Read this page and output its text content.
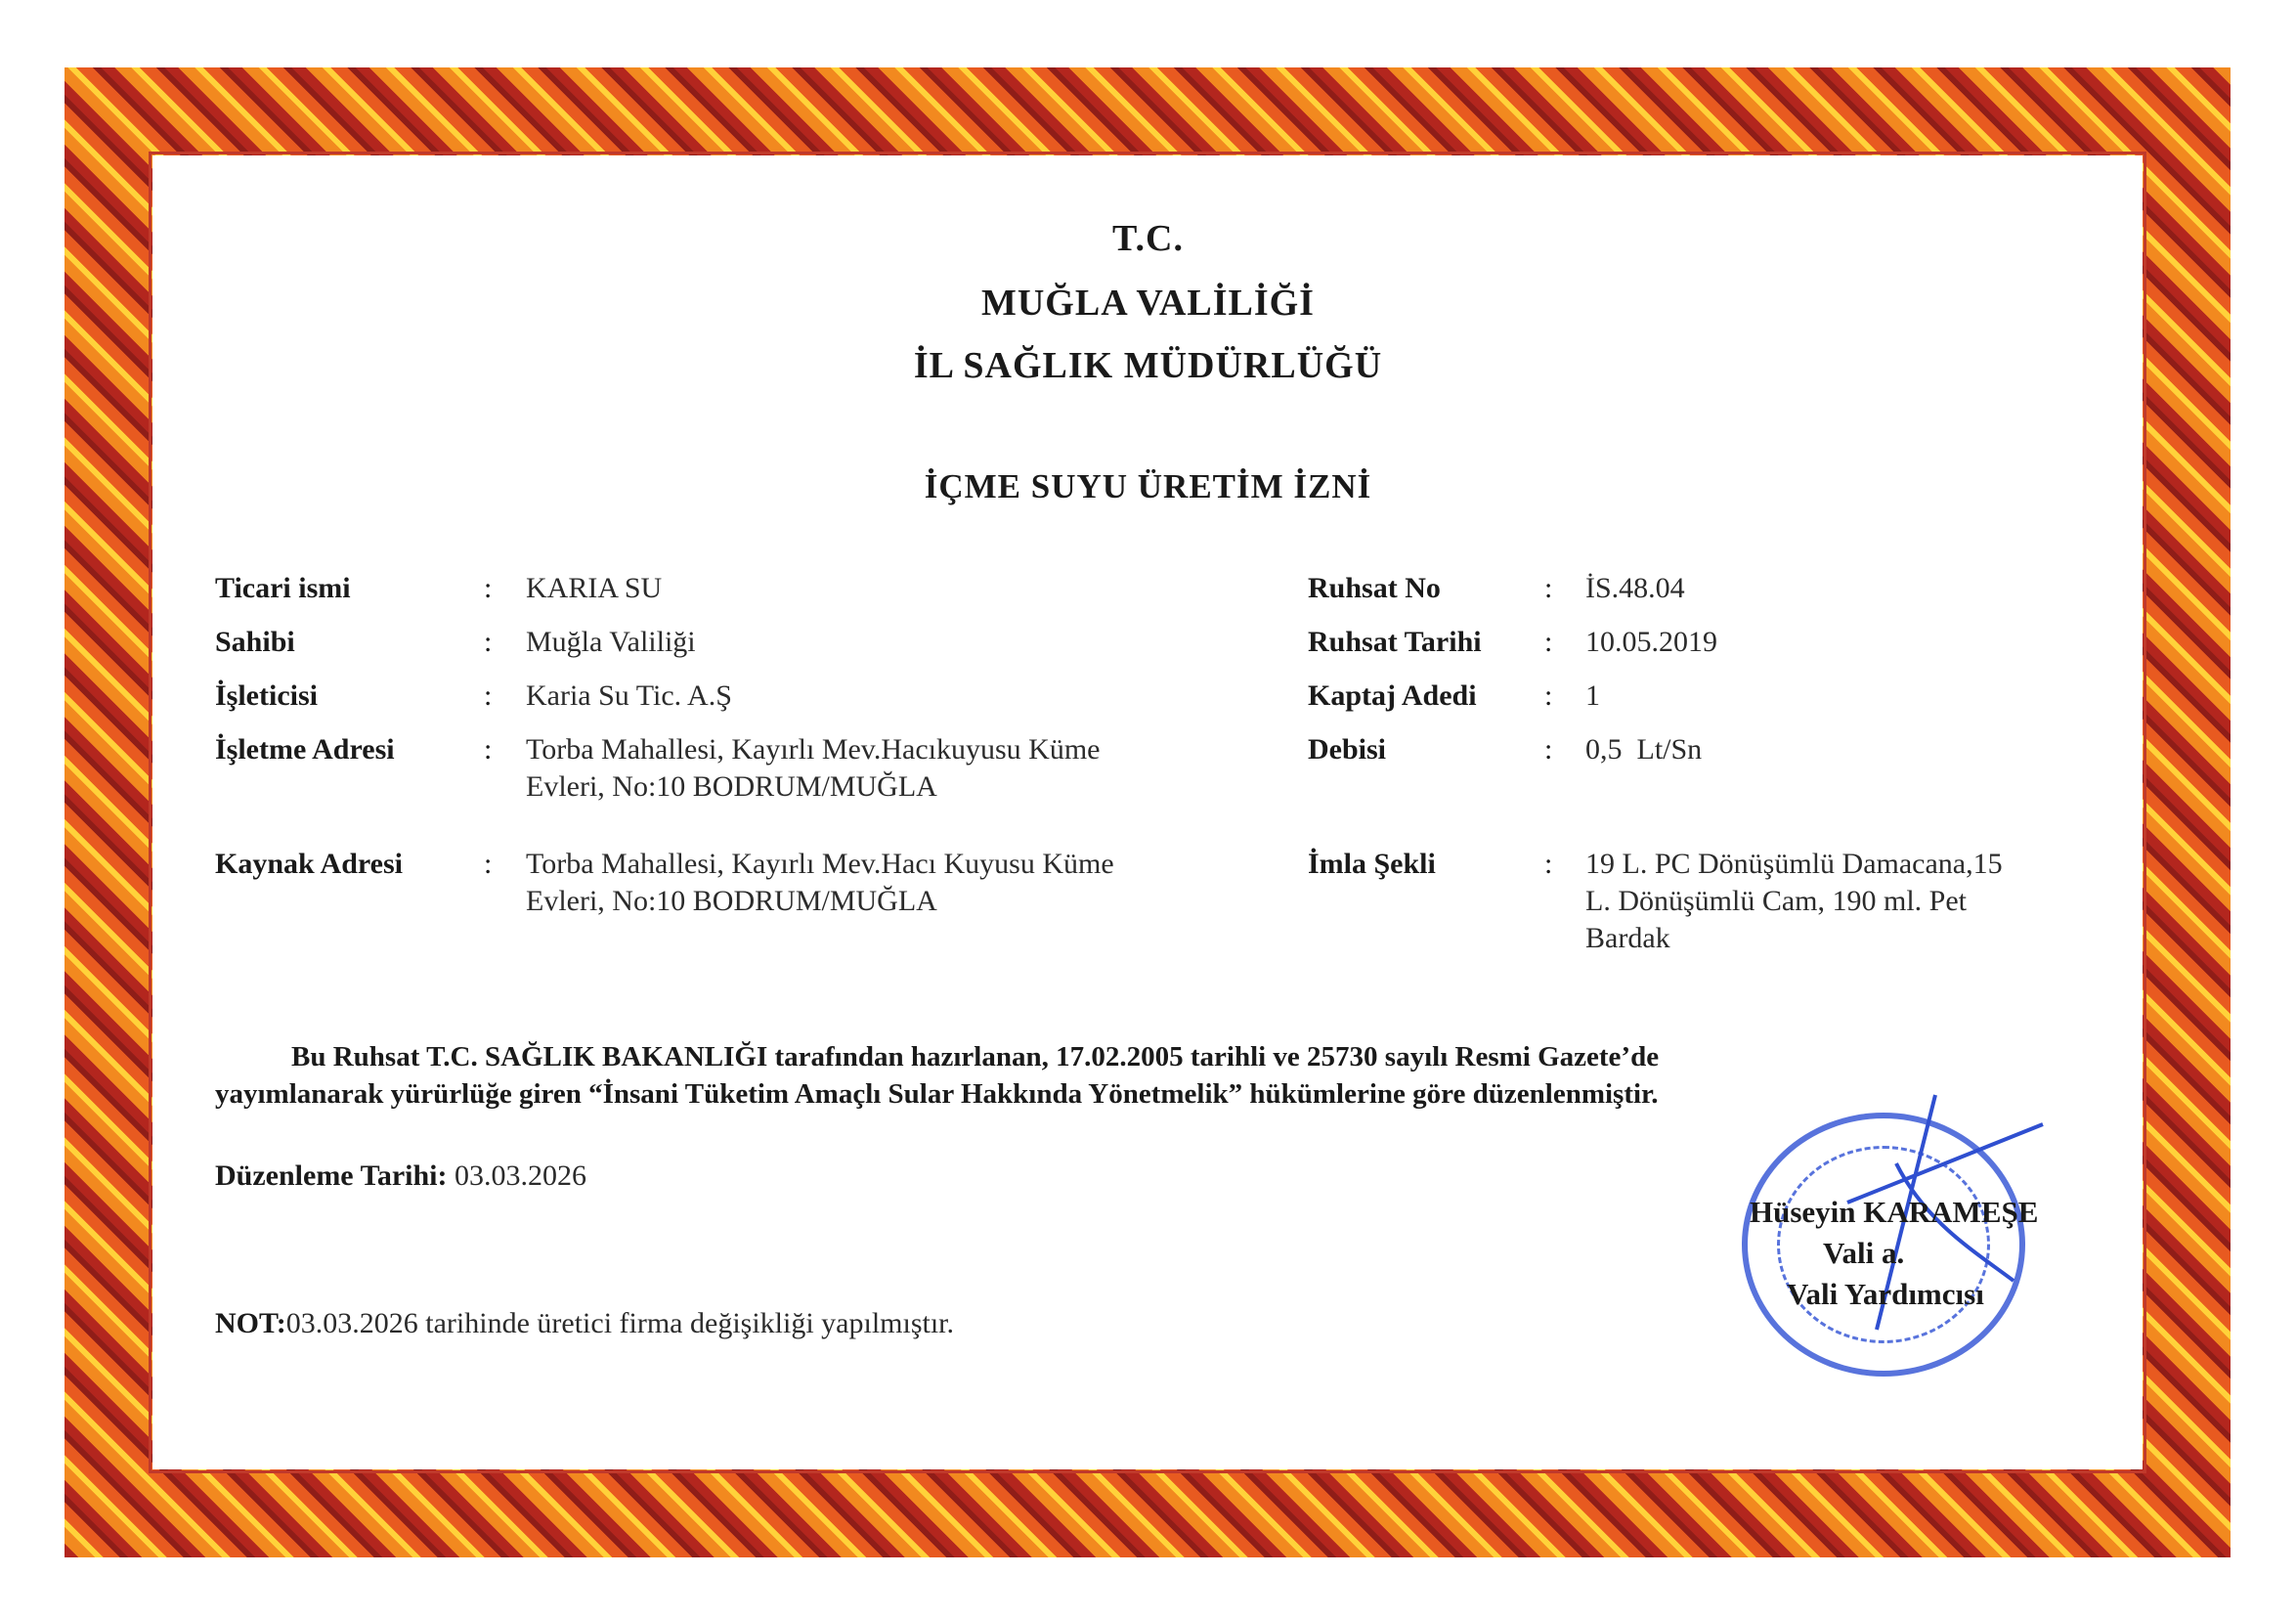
T.C.
MUĞLA VALİLİĞİ
İL SAĞLIK MÜDÜRLÜĞÜ
İÇME SUYU ÜRETİM İZNİ
Ticari ismi	: KARIA SU
Sahibi	: Muğla Valiliği
İşleticisi	: Karia Su Tic. A.Ş
İşletme Adresi	: Torba Mahallesi, Kayırlı Mev.Hacıkuyusu Küme
Evleri, No:10 BODRUM/MUĞLA
Kaynak Adresi	: Torba Mahallesi, Kayırlı Mev.Hacı Kuyusu Küme
Evleri, No:10 BODRUM/MUĞLA
Ruhsat No	: İS.48.04
Ruhsat Tarihi : 10.05.2019
Kaptaj Adedi : 1
Debisi	: 0,5  Lt/Sn
İmla Şekli	: 19 L. PC Dönüşümlü Damacana,15
L. Dönüşümlü Cam, 190 ml. Pet
Bardak
Bu Ruhsat T.C. SAĞLIK BAKANLIĞI tarafından hazırlanan, 17.02.2005 tarihli ve 25730 sayılı Resmi Gazete’de
yayımlanarak yürürlüğe giren “İnsani Tüketim Amaçlı Sular Hakkında Yönetmelik” hükümlerine göre düzenlenmiştir.
Düzenleme Tarihi: 03.03.2026
Hüseyin KARAMEŞE
Vali a.
Vali Yardımcısı
NOT:03.03.2026 tarihinde üretici firma değişikliği yapılmıştır.
